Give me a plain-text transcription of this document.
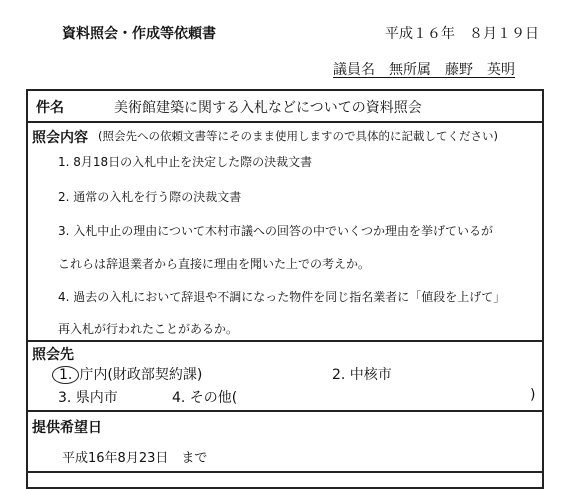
資料照会・作成等依頼書	平成１６年　８月１９日
議員名　無所属　藤野　英明
件名	美術館建築に関する入札などについての資料照会
照会内容 (照会先への依頼文書等にそのまま使用しますので具体的に記載してください)
1. 8月18日の入札中止を決定した際の決裁文書
2. 通常の入札を行う際の決裁文書
3. 入札中止の理由について木村市議への回答の中でいくつか理由を挙げているが
これらは辞退業者から直接に理由を聞いた上での考えか。
4. 過去の入札において辞退や不調になった物件を同じ指名業者に「値段を上げて」
再入札が行われたことがあるか。
照会先
1. 庁内(財政部契約課)	2. 中核市
3. 県内市	4. その他(	)
提供希望日
平成16年8月23日　まで
